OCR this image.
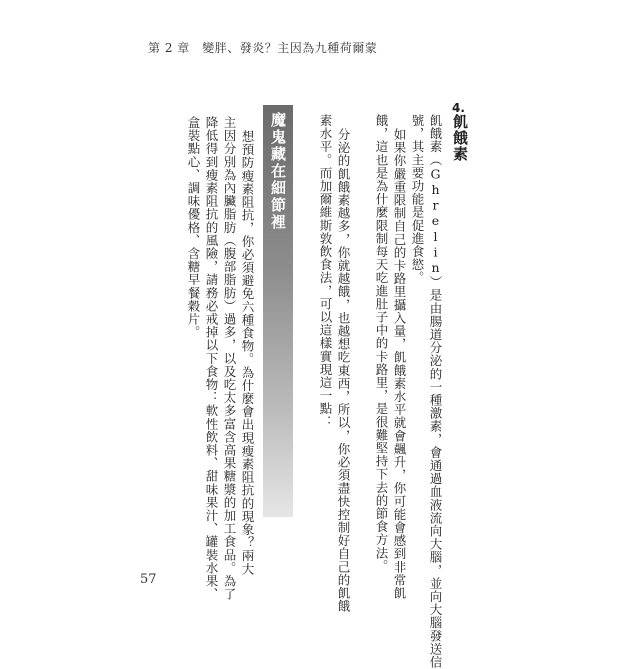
第 2 章　變胖、發炎？主因為九種荷爾蒙
4.
飢餓素
飢餓素（Ghrelin）是由腸道分泌的一種激素，會通過血液流向大腦，並向大腦發送信
號，其主要功能是促進食慾。
如果你嚴重限制自己的卡路里攝入量，飢餓素水平就會飆升，你可能會感到非常飢
餓，這也是為什麼限制每天吃進肚子中的卡路里，是很難堅持下去的節食方法。
分泌的飢餓素越多，你就越餓，也越想吃東西，所以，你必須盡快控制好自己的飢餓
素水平。而加爾維斯敦飲食法，可以這樣實現這一點：
魔鬼藏在細節裡
想預防瘦素阻抗，你必須避免六種食物。為什麼會出現瘦素阻抗的現象？兩大
主因分別為內臟脂肪（腹部脂肪）過多，以及吃太多富含高果糖漿的加工食品。為了
降低得到瘦素阻抗的風險，請務必戒掉以下食物：軟性飲料、甜味果汁、罐裝水果、
盒裝點心、調味優格、含糖早餐穀片。
57
